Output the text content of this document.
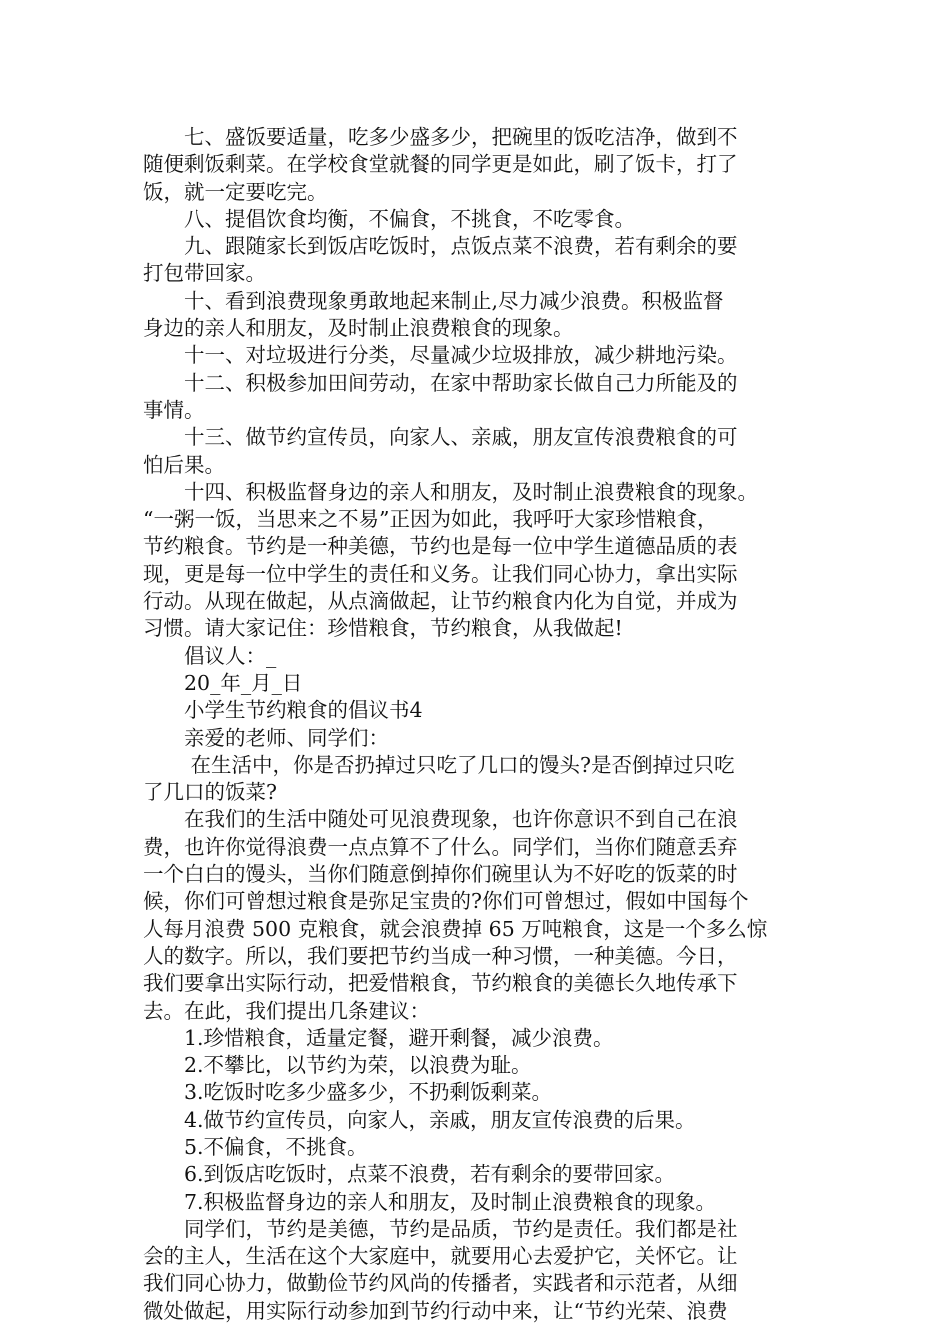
　　七、盛饭要适量，吃多少盛多少，把碗里的饭吃洁净，做到不
随便剩饭剩菜。在学校食堂就餐的同学更是如此，刷了饭卡，打了
饭，就一定要吃完。
　　八、提倡饮食均衡，不偏食，不挑食，不吃零食。
　　九、跟随家长到饭店吃饭时，点饭点菜不浪费，若有剩余的要
打包带回家。
　　十、看到浪费现象勇敢地起来制止,尽力减少浪费。积极监督
身边的亲人和朋友，及时制止浪费粮食的现象。
　　十一、对垃圾进行分类，尽量减少垃圾排放，减少耕地污染。
　　十二、积极参加田间劳动，在家中帮助家长做自己力所能及的
事情。
　　十三、做节约宣传员，向家人、亲戚，朋友宣传浪费粮食的可
怕后果。
　　十四、积极监督身边的亲人和朋友，及时制止浪费粮食的现象。
“一粥一饭，当思来之不易”正因为如此，我呼吁大家珍惜粮食，
节约粮食。节约是一种美德，节约也是每一位中学生道德品质的表
现，更是每一位中学生的责任和义务。让我们同心协力，拿出实际
行动。从现在做起，从点滴做起，让节约粮食内化为自觉，并成为
习惯。请大家记住：珍惜粮食，节约粮食，从我做起!
　　倡议人：_
　　20_年_月_日
　　小学生节约粮食的倡议书4
　　亲爱的老师、同学们：
　　 在生活中，你是否扔掉过只吃了几口的馒头?是否倒掉过只吃
了几口的饭菜?
　　在我们的生活中随处可见浪费现象，也许你意识不到自己在浪
费，也许你觉得浪费一点点算不了什么。同学们，当你们随意丢弃
一个白白的馒头，当你们随意倒掉你们碗里认为不好吃的饭菜的时
候，你们可曾想过粮食是弥足宝贵的?你们可曾想过，假如中国每个
人每月浪费 500 克粮食，就会浪费掉 65 万吨粮食，这是一个多么惊
人的数字。所以，我们要把节约当成一种习惯，一种美德。今日，
我们要拿出实际行动，把爱惜粮食，节约粮食的美德长久地传承下
去。在此，我们提出几条建议：
　　1.珍惜粮食，适量定餐，避开剩餐，减少浪费。
　　2.不攀比，以节约为荣，以浪费为耻。
　　3.吃饭时吃多少盛多少，不扔剩饭剩菜。
　　4.做节约宣传员，向家人，亲戚，朋友宣传浪费的后果。
　　5.不偏食，不挑食。
　　6.到饭店吃饭时，点菜不浪费，若有剩余的要带回家。
　　7.积极监督身边的亲人和朋友，及时制止浪费粮食的现象。
　　同学们，节约是美德，节约是品质，节约是责任。我们都是社
会的主人，生活在这个大家庭中，就要用心去爱护它，关怀它。让
我们同心协力，做勤俭节约风尚的传播者，实践者和示范者，从细
微处做起，用实际行动参加到节约行动中来，让“节约光荣、浪费
